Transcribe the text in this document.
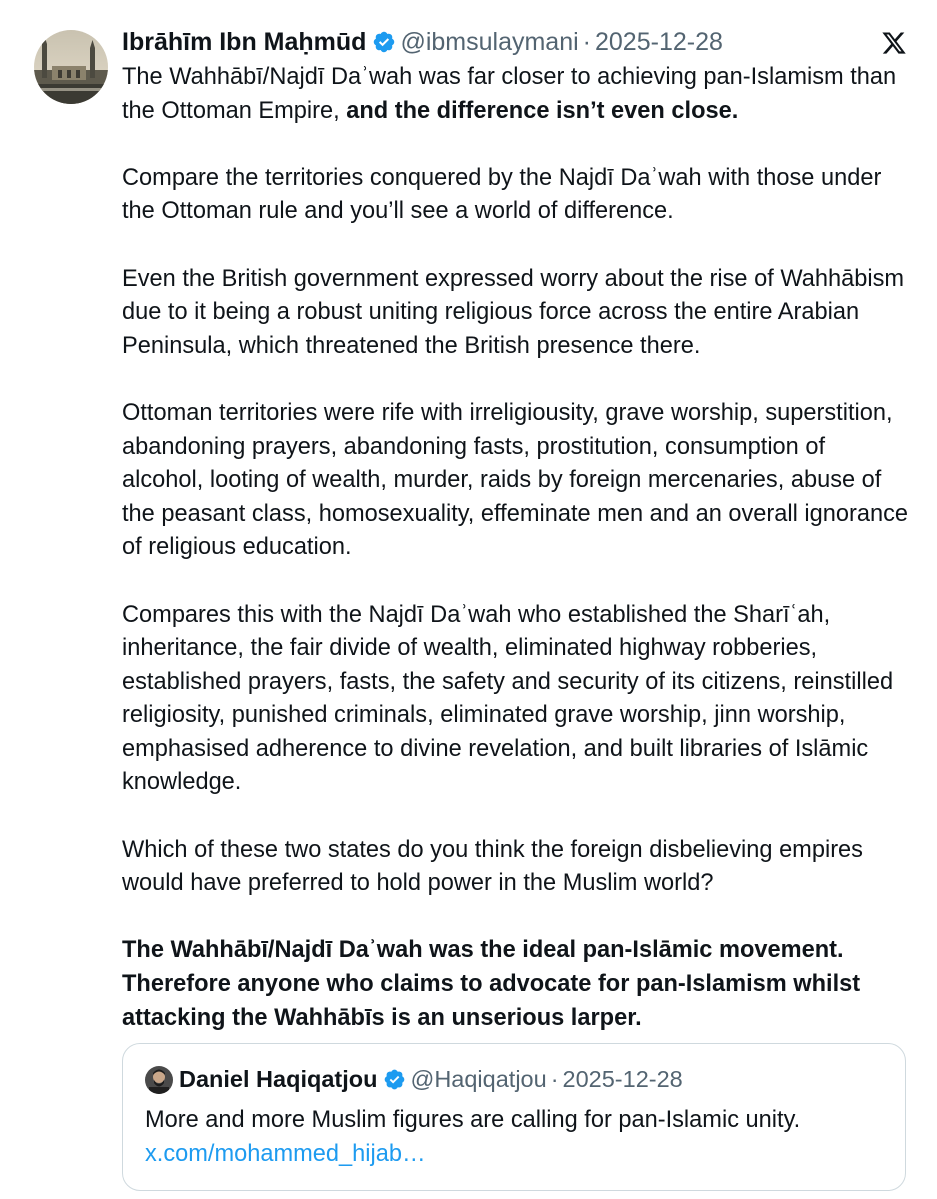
Ibrāhīm Ibn Maḥmūd @ibmsulaymani · 2025-12-28

The Wahhābī/Najdī Daʾwah was far closer to achieving pan-Islamism than the Ottoman Empire, and the difference isn’t even close.

Compare the territories conquered by the Najdī Daʾwah with those under the Ottoman rule and you’ll see a world of difference.

Even the British government expressed worry about the rise of Wahhābism due to it being a robust uniting religious force across the entire Arabian Peninsula, which threatened the British presence there.

Ottoman territories were rife with irreligiousity, grave worship, superstition, abandoning prayers, abandoning fasts, prostitution, consumption of alcohol, looting of wealth, murder, raids by foreign mercenaries, abuse of the peasant class, homosexuality, effeminate men and an overall ignorance of religious education.

Compares this with the Najdī Daʾwah who established the Sharīʿah, inheritance, the fair divide of wealth, eliminated highway robberies, established prayers, fasts, the safety and security of its citizens, reinstilled religiosity, punished criminals, eliminated grave worship, jinn worship, emphasised adherence to divine revelation, and built libraries of Islāmic knowledge.

Which of these two states do you think the foreign disbelieving empires would have preferred to hold power in the Muslim world?

The Wahhābī/Najdī Daʾwah was the ideal pan-Islāmic movement. Therefore anyone who claims to advocate for pan-Islamism whilst attacking the Wahhābīs is an unserious larper.

Daniel Haqiqatjou @Haqiqatjou · 2025-12-28
More and more Muslim figures are calling for pan-Islamic unity.
x.com/mohammed_hijab…
